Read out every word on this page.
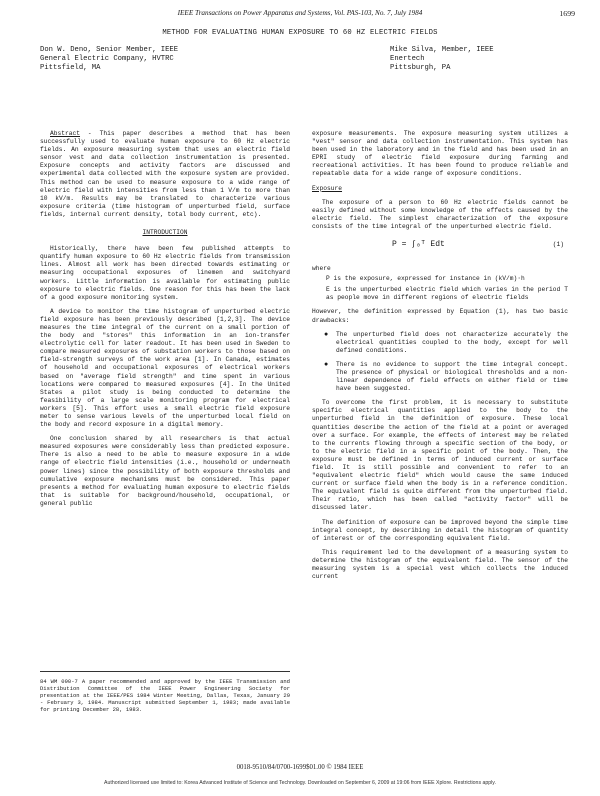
IEEE Transactions on Power Apparatus and Systems, Vol. PAS-103, No. 7, July 1984	1699
METHOD FOR EVALUATING HUMAN EXPOSURE TO 60 HZ ELECTRIC FIELDS
Don W. Deno, Senior Member, IEEE
General Electric Company, HVTRC
Pittsfield, MA
Mike Silva, Member, IEEE
Enertech
Pittsburgh, PA

Abstract - This paper describes a method that has been successfully used to evaluate human exposure to 60 Hz electric fields. An exposure measuring system that uses an electric field sensor vest and data collection instrumentation is presented. Exposure concepts and activity factors are discussed and experimental data collected with the exposure system are provided. This method can be used to measure exposure to a wide range of electric field with intensities from less than 1 V/m to more than 10 kV/m. Results may be translated to characterize various exposure criteria (time histogram of unperturbed field, surface fields, internal current density, total body current, etc).

INTRODUCTION

Historically, there have been few published attempts to quantify human exposure to 60 Hz electric fields from transmission lines. Almost all work has been directed towards estimating or measuring occupational exposures of linemen and switchyard workers. Little information is available for estimating public exposure to electric fields. One reason for this has been the lack of a good exposure monitoring system.

A device to monitor the time histogram of unperturbed electric field exposure has been previously described [1,2,3]. The device measures the time integral of the current on a small portion of the body and "stores" this information in an ion-transfer electrolytic cell for later readout. It has been used in Sweden to compare measured exposures of substation workers to those based on field-strength surveys of the work area [1]. In Canada, estimates of household and occupational exposures of electrical workers based on "average field strength" and time spent in various locations were compared to measured exposures [4]. In the United States a pilot study is being conducted to determine the feasibility of a large scale monitoring program for electrical workers [5]. This effort uses a small electric field exposure meter to sense various levels of the unperturbed local field on the body and record exposure in a digital memory.

One conclusion shared by all researchers is that actual measured exposures were considerably less than predicted exposure. There is also a need to be able to measure exposure in a wide range of electric field intensities (i.e., household or underneath power lines) since the possibility of both exposure thresholds and cumulative exposure mechanisms must be considered. This paper presents a method for evaluating human exposure to electric fields that is suitable for background/household, occupational, or general public

exposure measurements. The exposure measuring system utilizes a "vest" sensor and data collection instrumentation. This system has been used in the laboratory and in the field and has been used in an EPRI study of electric field exposure during farming and recreational activities. It has been found to produce reliable and repeatable data for a wide range of exposure conditions.

Exposure

The exposure of a person to 60 Hz electric fields cannot be easily defined without some knowledge of the effects caused by the electric field. The simplest characterization of the exposure consists of the time integral of the unperturbed electric field.

P = ∫₀ᵀ Edt	(1)
where
P is the exposure, expressed for instance in (kV/m)·h
E is the unperturbed electric field which varies in the period T as people move in different regions of electric fields

However, the definition expressed by Equation (1), has two basic drawbacks:

● The unperturbed field does not characterize accurately the electrical quantities coupled to the body, except for well defined conditions.
● There is no evidence to support the time integral concept. The presence of physical or biological thresholds and a non-linear dependence of field effects on either field or time have been suggested.

To overcome the first problem, it is necessary to substitute specific electrical quantities applied to the body to the unperturbed field in the definition of exposure. These local quantities describe the action of the field at a point or averaged over a surface. For example, the effects of interest may be related to the currents flowing through a specific section of the body, or to the electric field in a specific point of the body. Then, the exposure must be defined in terms of induced current or surface field. It is still possible and convenient to refer to an "equivalent electric field" which would cause the same induced current or surface field when the body is in a reference condition. The equivalent field is quite different from the unperturbed field. Their ratio, which has been called "activity factor" will be discussed later.

The definition of exposure can be improved beyond the simple time integral concept, by describing in detail the histogram of quantity of interest or of the corresponding equivalent field.

This requirement led to the development of a measuring system to determine the histogram of the equivalent field. The sensor of the measuring system is a special vest which collects the induced current

84 WM 090-7 A paper recommended and approved by the IEEE Transmission and Distribution Committee of the IEEE Power Engineering Society for presentation at the IEEE/PES 1984 Winter Meeting, Dallas, Texas, January 29 - February 3, 1984. Manuscript submitted September 1, 1983; made available for printing December 28, 1983.
0018-9510/84/0700-1699$01.00 © 1984 IEEE
Authorized licensed use limited to: Korea Advanced Institute of Science and Technology. Downloaded on September 6, 2009 at 19:06 from IEEE Xplore. Restrictions apply.
